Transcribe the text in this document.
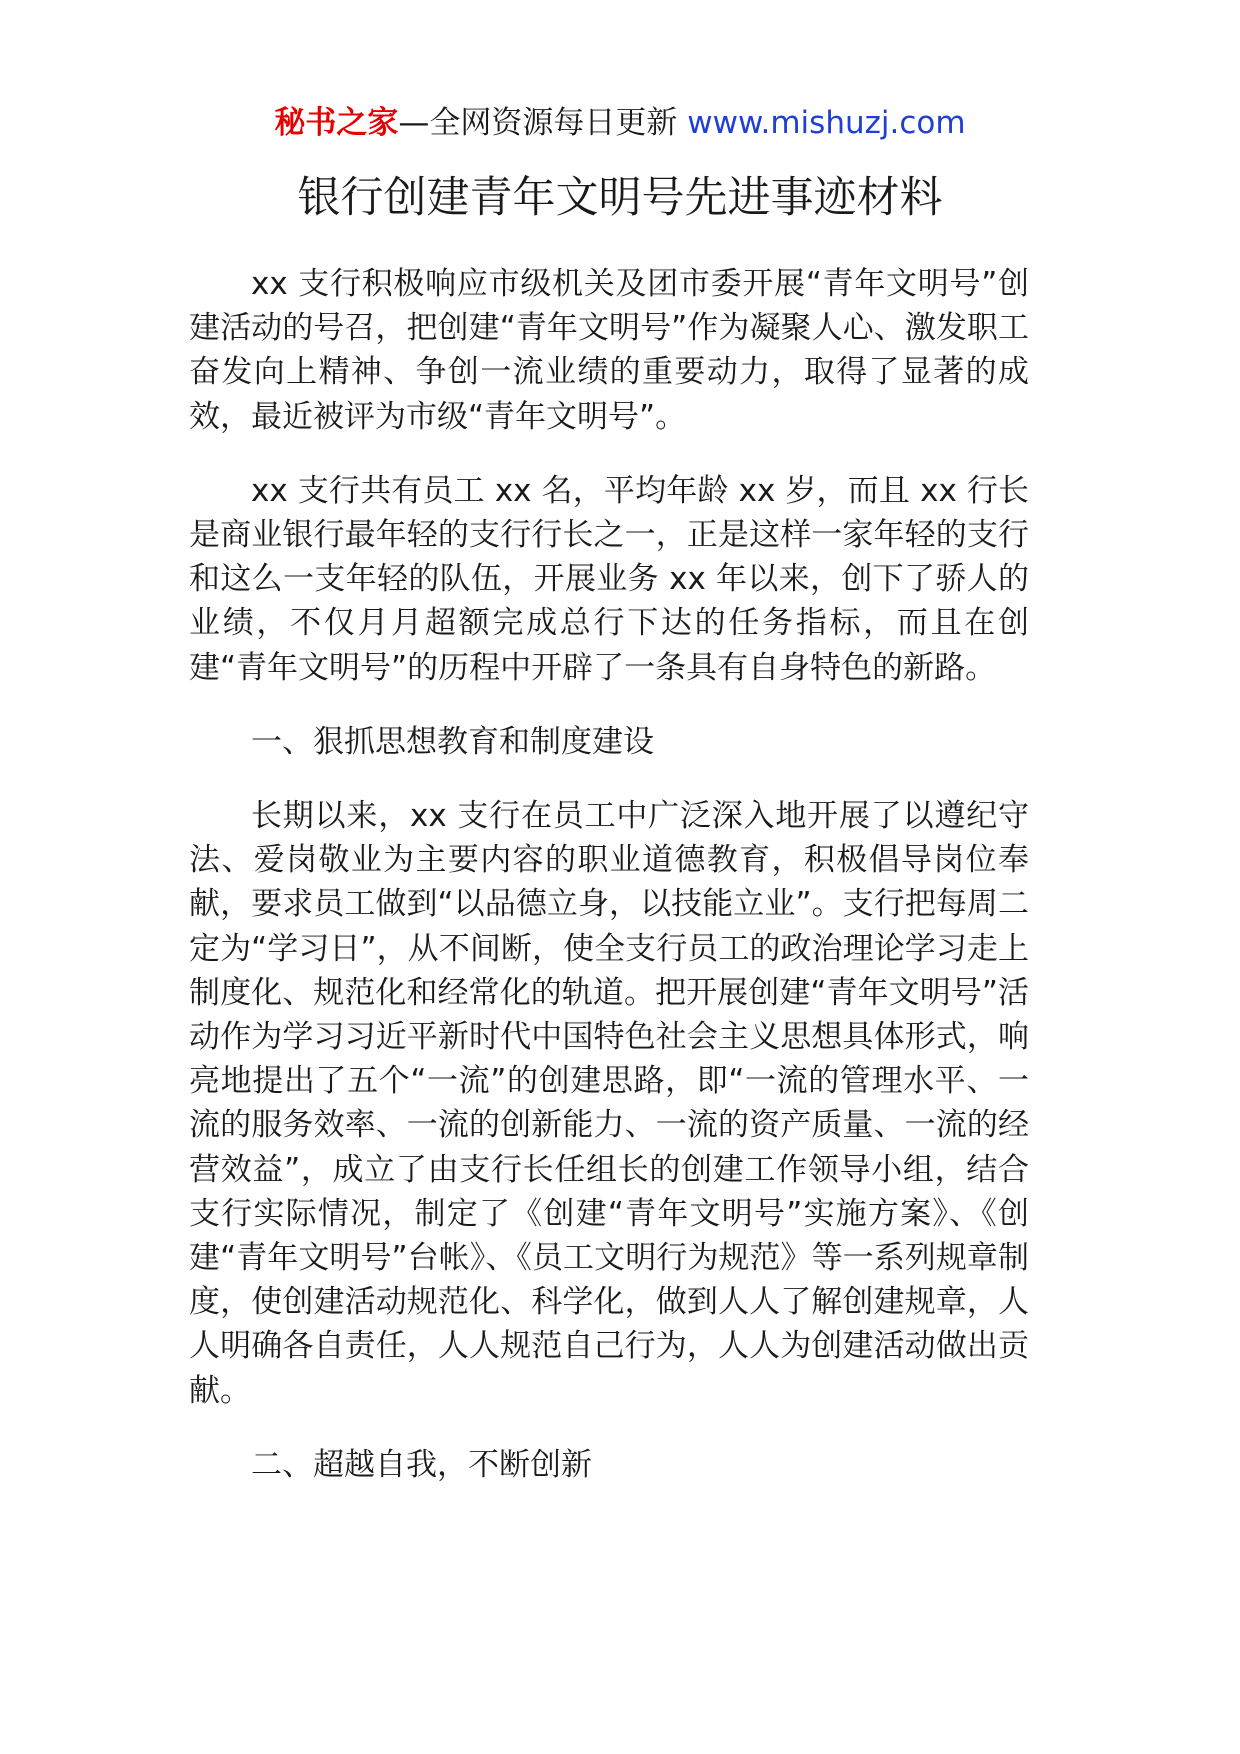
秘书之家—全网资源每日更新 www.mishuzj.com
银行创建青年文明号先进事迹材料

xx 支行积极响应市级机关及团市委开展“青年文明号”创建活动的号召，把创建“青年文明号”作为凝聚人心、激发职工奋发向上精神、争创一流业绩的重要动力，取得了显著的成效，最近被评为市级“青年文明号”。

xx 支行共有员工 xx 名，平均年龄 xx 岁，而且 xx 行长是商业银行最年轻的支行行长之一，正是这样一家年轻的支行和这么一支年轻的队伍，开展业务 xx 年以来，创下了骄人的业绩，不仅月月超额完成总行下达的任务指标，而且在创建“青年文明号”的历程中开辟了一条具有自身特色的新路。

一、狠抓思想教育和制度建设

长期以来，xx 支行在员工中广泛深入地开展了以遵纪守法、爱岗敬业为主要内容的职业道德教育，积极倡导岗位奉献，要求员工做到“以品德立身，以技能立业”。支行把每周二定为“学习日”，从不间断，使全支行员工的政治理论学习走上制度化、规范化和经常化的轨道。把开展创建“青年文明号”活动作为学习习近平新时代中国特色社会主义思想具体形式，响亮地提出了五个“一流”的创建思路，即“一流的管理水平、一流的服务效率、一流的创新能力、一流的资产质量、一流的经营效益”，成立了由支行长任组长的创建工作领导小组，结合支行实际情况，制定了《创建“青年文明号”实施方案》、《创建“青年文明号”台帐》、《员工文明行为规范》等一系列规章制度，使创建活动规范化、科学化，做到人人了解创建规章，人人明确各自责任，人人规范自己行为，人人为创建活动做出贡献。

二、超越自我，不断创新
